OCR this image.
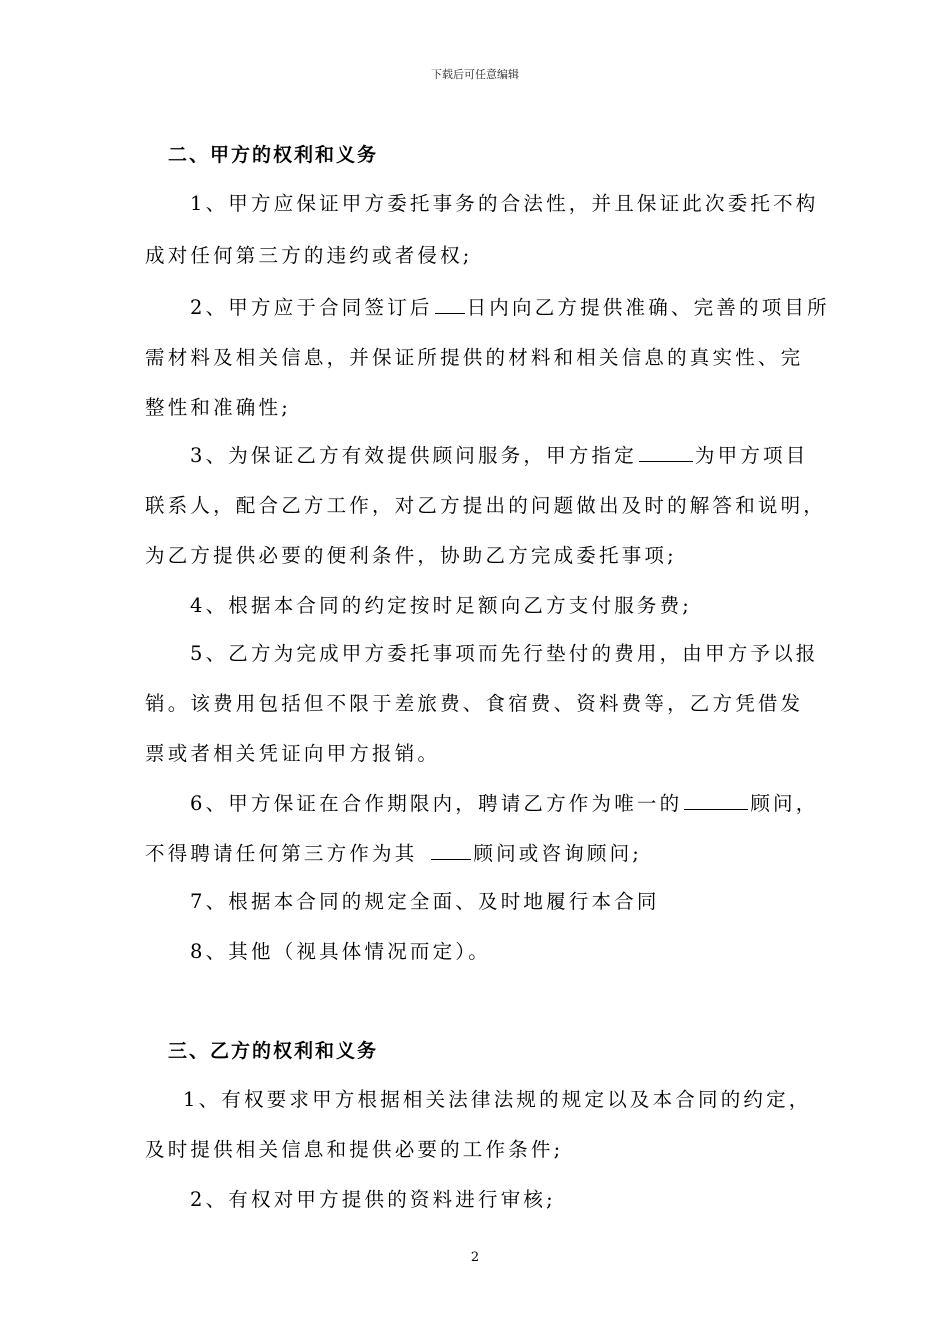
下载后可任意编辑
二、甲方的权利和义务
1、甲方应保证甲方委托事务的合法性，并且保证此次委托不构
成对任何第三方的违约或者侵权;
2、甲方应于合同签订后 日内向乙方提供准确、完善的项目所
需材料及相关信息，并保证所提供的材料和相关信息的真实性、完
整性和准确性;
3、为保证乙方有效提供顾问服务，甲方指定	为甲方项目
联系人，配合乙方工作，对乙方提出的问题做出及时的解答和说明，
为乙方提供必要的便利条件，协助乙方完成委托事项;
4、根据本合同的约定按时足额向乙方支付服务费;
5、乙方为完成甲方委托事项而先行垫付的费用，由甲方予以报
销。该费用包括但不限于差旅费、食宿费、资料费等，乙方凭借发
票或者相关凭证向甲方报销。
6、甲方保证在合作期限内，聘请乙方作为唯一的	顾问，
不得聘请任何第三方作为其	顾问或咨询顾问;
7、根据本合同的规定全面、及时地履行本合同
8、其他（视具体情况而定）。
三、乙方的权利和义务
1、有权要求甲方根据相关法律法规的规定以及本合同的约定，
及时提供相关信息和提供必要的工作条件;
2、有权对甲方提供的资料进行审核;
2
